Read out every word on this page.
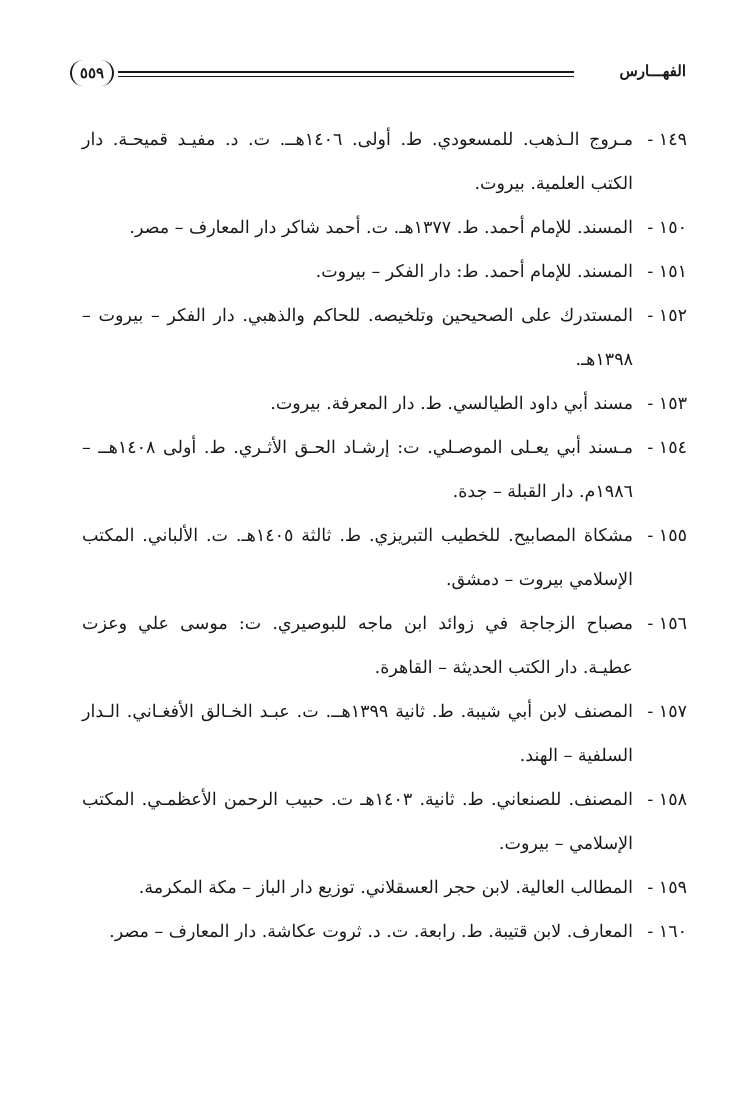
الفهـــارس
٥٥٩
١٤٩ -
مـروج الـذهب. للمسعودي. ط. أولى. ١٤٠٦هــ. ت. د. مفيـد قميحـة. دار الكتب العلمية. بيروت.
١٥٠ -
المسند. للإمام أحمد. ط. ١٣٧٧هـ. ت. أحمد شاكر دار المعارف – مصر.
١٥١ -
المسند. للإمام أحمد. ط: دار الفكر – بيروت.
١٥٢ -
المستدرك على الصحيحين وتلخيصه. للحاكم والذهبي. دار الفكر – بيروت – ١٣٩٨هـ.
١٥٣ -
مسند أبي داود الطيالسي. ط. دار المعرفة. بيروت.
١٥٤ -
مـسند أبي يعـلى الموصـلي. ت: إرشـاد الحـق الأثـري. ط. أولى ١٤٠٨هــ – ١٩٨٦م. دار القبلة – جدة.
١٥٥ -
مشكاة المصابيح. للخطيب التبريزي. ط. ثالثة ١٤٠٥هـ. ت. الألباني. المكتب الإسلامي بيروت – دمشق.
١٥٦ -
مصباح الزجاجة في زوائد ابن ماجه للبوصيري. ت: موسى علي وعزت عطيـة. دار الكتب الحديثة – القاهرة.
١٥٧ -
المصنف لابن أبي شيبة. ط. ثانية ١٣٩٩هــ. ت. عبـد الخـالق الأفغـاني. الـدار السلفية – الهند.
١٥٨ -
المصنف. للصنعاني. ط. ثانية. ١٤٠٣هـ ت. حبيب الرحمن الأعظمـي. المكتب الإسلامي – بيروت.
١٥٩ -
المطالب العالية. لابن حجر العسقلاني. توزيع دار الباز – مكة المكرمة.
١٦٠ -
المعارف. لابن قتيبة. ط. رابعة. ت. د. ثروت عكاشة. دار المعارف – مصر.
